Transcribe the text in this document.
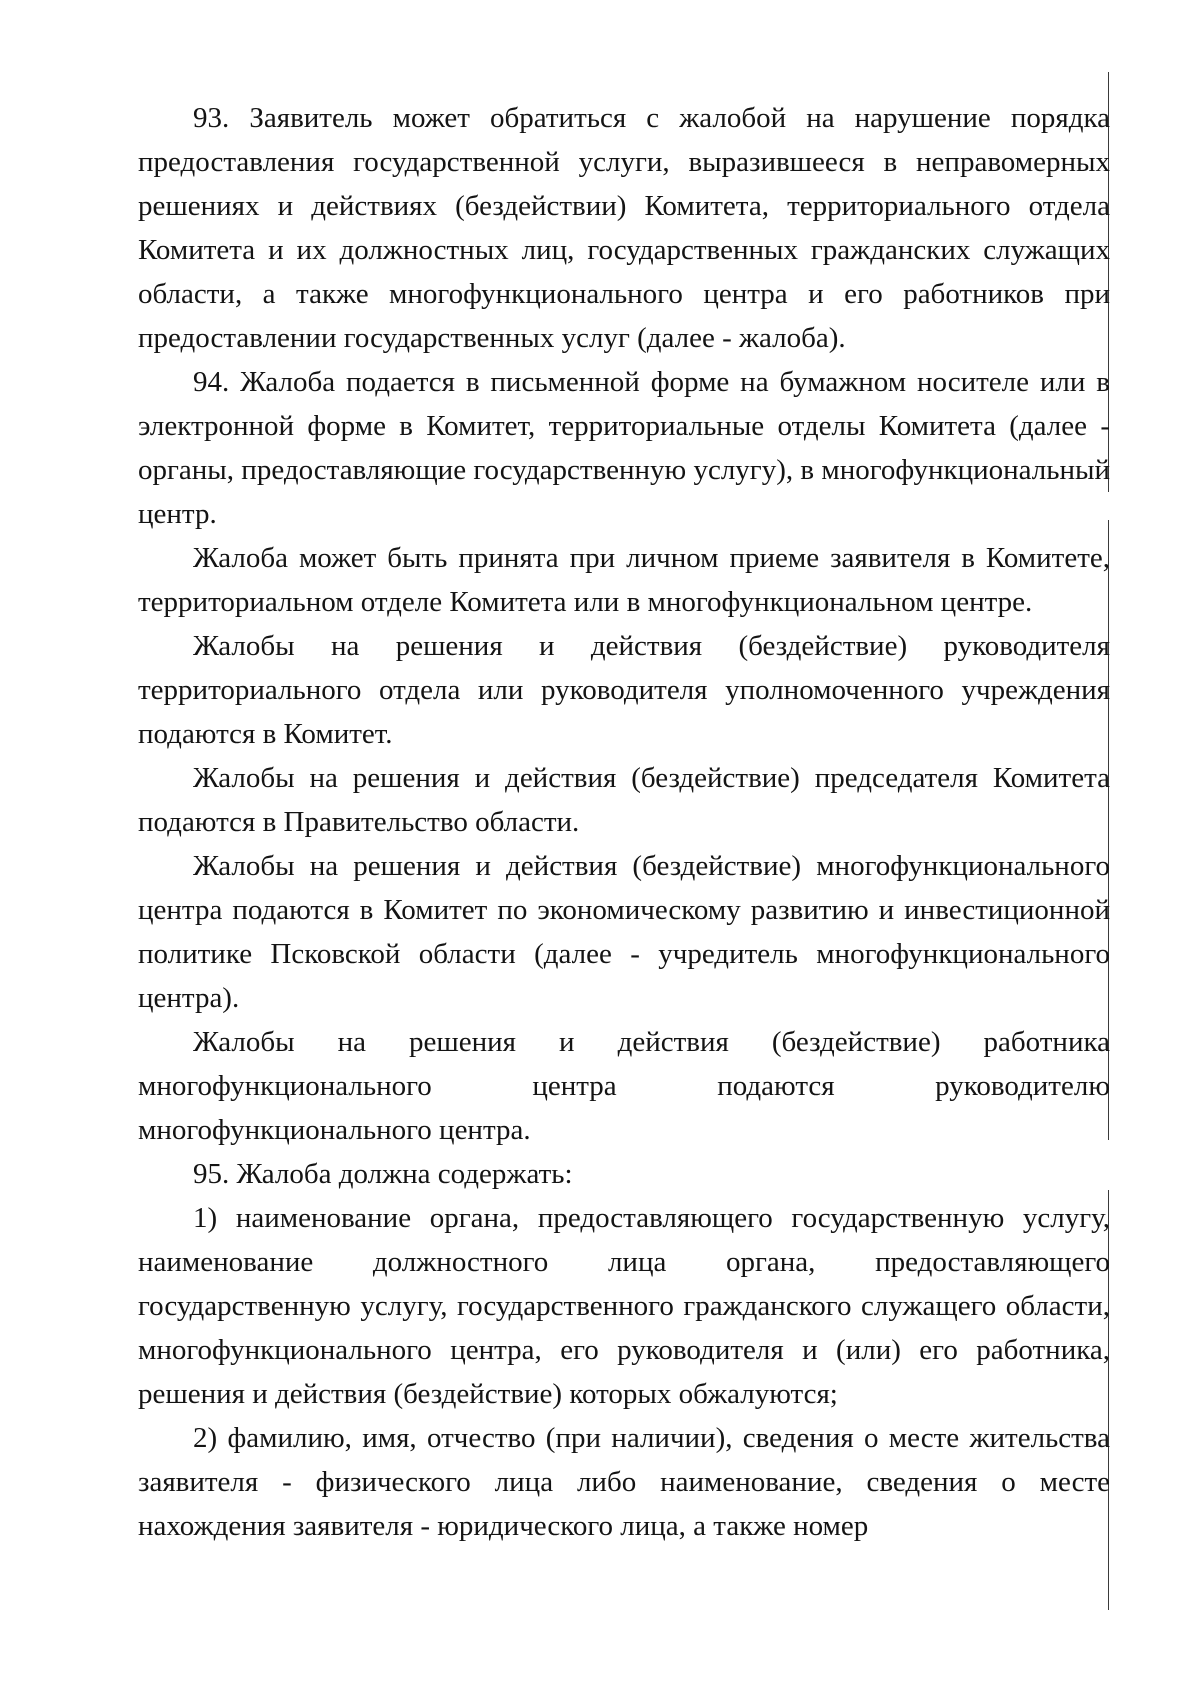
93. Заявитель может обратиться с жалобой на нарушение порядка предоставления государственной услуги, выразившееся в неправомерных решениях и действиях (бездействии) Комитета, территориального отдела Комитета и их должностных лиц, государственных гражданских служащих области, а также многофункционального центра и его работников при предоставлении государственных услуг (далее - жалоба).

94. Жалоба подается в письменной форме на бумажном носителе или в электронной форме в Комитет, территориальные отделы Комитета (далее - органы, предоставляющие государственную услугу), в многофункциональный центр.

Жалоба может быть принята при личном приеме заявителя в Комитете, территориальном отделе Комитета или в многофункциональном центре.

Жалобы на решения и действия (бездействие) руководителя территориального отдела или руководителя уполномоченного учреждения подаются в Комитет.

Жалобы на решения и действия (бездействие) председателя Комитета подаются в Правительство области.

Жалобы на решения и действия (бездействие) многофункционального центра подаются в Комитет по экономическому развитию и инвестиционной политике Псковской области (далее - учредитель многофункционального центра).

Жалобы на решения и действия (бездействие) работника многофункционального центра подаются руководителю многофункционального центра.

95. Жалоба должна содержать:

1) наименование органа, предоставляющего государственную услугу, наименование должностного лица органа, предоставляющего государственную услугу, государственного гражданского служащего области, многофункционального центра, его руководителя и (или) его работника, решения и действия (бездействие) которых обжалуются;

2) фамилию, имя, отчество (при наличии), сведения о месте жительства заявителя - физического лица либо наименование, сведения о месте нахождения заявителя - юридического лица, а также номер
